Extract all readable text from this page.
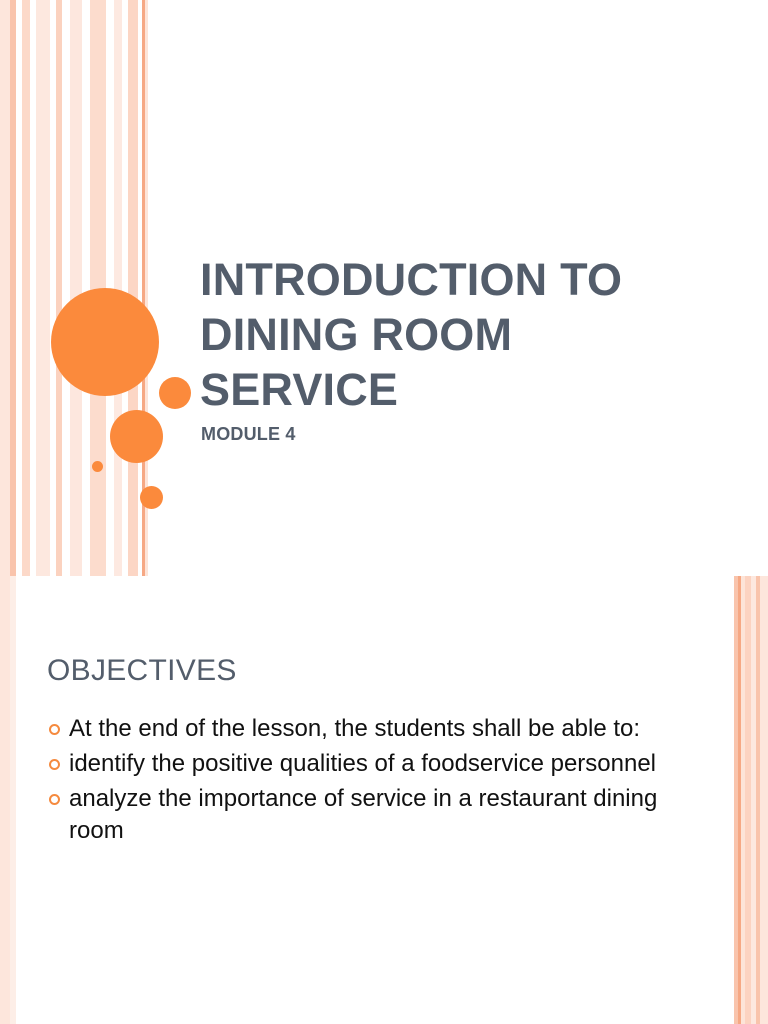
INTRODUCTION TO
DINING ROOM
SERVICE
MODULE 4
OBJECTIVES
At the end of the lesson, the students shall be able to:
identify the positive qualities of a foodservice personnel
analyze the importance of service in a restaurant dining room
